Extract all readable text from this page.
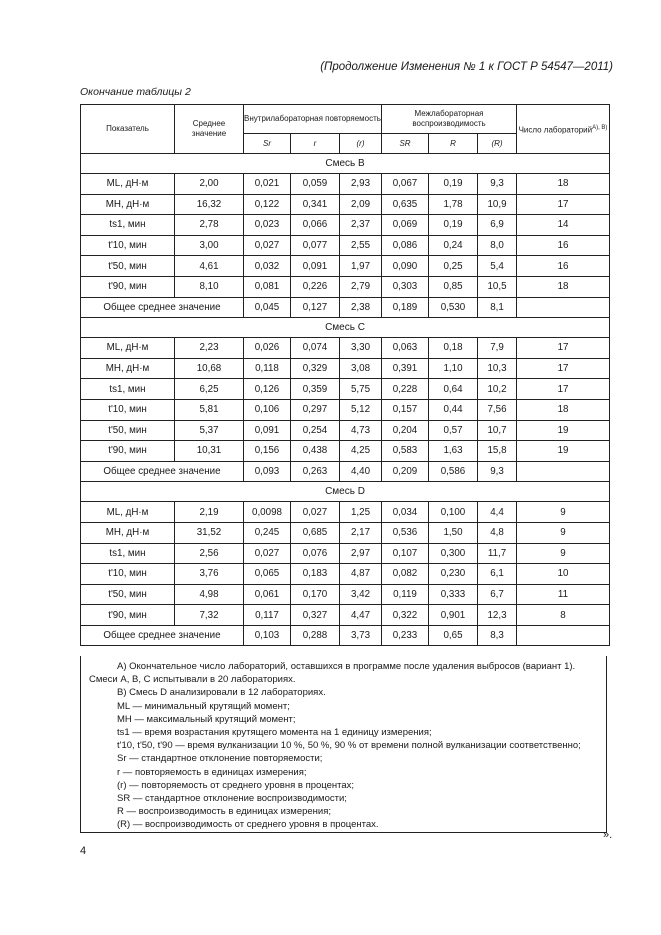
(Продолжение Изменения № 1 к ГОСТ Р 54547—2011)
Окончание таблицы 2
Показатель	Среднее значение	Внутрилабораторная повторяемость			Межлабораторная воспроизводимость			Число лабораторий$^{A), B)}$
		Sr	r	(r)	SR	R	(R)	
Смесь B								
ML, дН·м	2,00	0,021	0,059	2,93	0,067	0,19	9,3	18
MH, дН·м	16,32	0,122	0,341	2,09	0,635	1,78	10,9	17
ts1, мин	2,78	0,023	0,066	2,37	0,069	0,19	6,9	14
t'10, мин	3,00	0,027	0,077	2,55	0,086	0,24	8,0	16
t'50, мин	4,61	0,032	0,091	1,97	0,090	0,25	5,4	16
t'90, мин	8,10	0,081	0,226	2,79	0,303	0,85	10,5	18
Общее среднее значение		0,045	0,127	2,38	0,189	0,530	8,1	
Смесь C								
ML, дН·м	2,23	0,026	0,074	3,30	0,063	0,18	7,9	17
MH, дН·м	10,68	0,118	0,329	3,08	0,391	1,10	10,3	17
ts1, мин	6,25	0,126	0,359	5,75	0,228	0,64	10,2	17
t'10, мин	5,81	0,106	0,297	5,12	0,157	0,44	7,56	18
t'50, мин	5,37	0,091	0,254	4,73	0,204	0,57	10,7	19
t'90, мин	10,31	0,156	0,438	4,25	0,583	1,63	15,8	19
Общее среднее значение		0,093	0,263	4,40	0,209	0,586	9,3	
Смесь D								
ML, дН·м	2,19	0,0098	0,027	1,25	0,034	0,100	4,4	9
MH, дН·м	31,52	0,245	0,685	2,17	0,536	1,50	4,8	9
ts1, мин	2,56	0,027	0,076	2,97	0,107	0,300	11,7	9
t'10, мин	3,76	0,065	0,183	4,87	0,082	0,230	6,1	10
t'50, мин	4,98	0,061	0,170	3,42	0,119	0,333	6,7	11
t'90, мин	7,32	0,117	0,327	4,47	0,322	0,901	12,3	8
Общее среднее значение		0,103	0,288	3,73	0,233	0,65	8,3	
A) Окончательное число лабораторий, оставшихся в программе после удаления выбросов (вариант 1).
Смеси A, B, C испытывали в 20 лабораториях.
B) Смесь D анализировали в 12 лабораториях.
ML — минимальный крутящий момент;
MH — максимальный крутящий момент;
ts1 — время возрастания крутящего момента на 1 единицу измерения;
t'10, t'50, t'90 — время вулканизации 10 %, 50 %, 90 % от времени полной вулканизации соответственно;
Sr — стандартное отклонение повторяемости;
r — повторяемость в единицах измерения;
(r) — повторяемость от среднего уровня в процентах;
SR — стандартное отклонение воспроизводимости;
R — воспроизводимость в единицах измерения;
(R) — воспроизводимость от среднего уровня в процентах.
».
4
